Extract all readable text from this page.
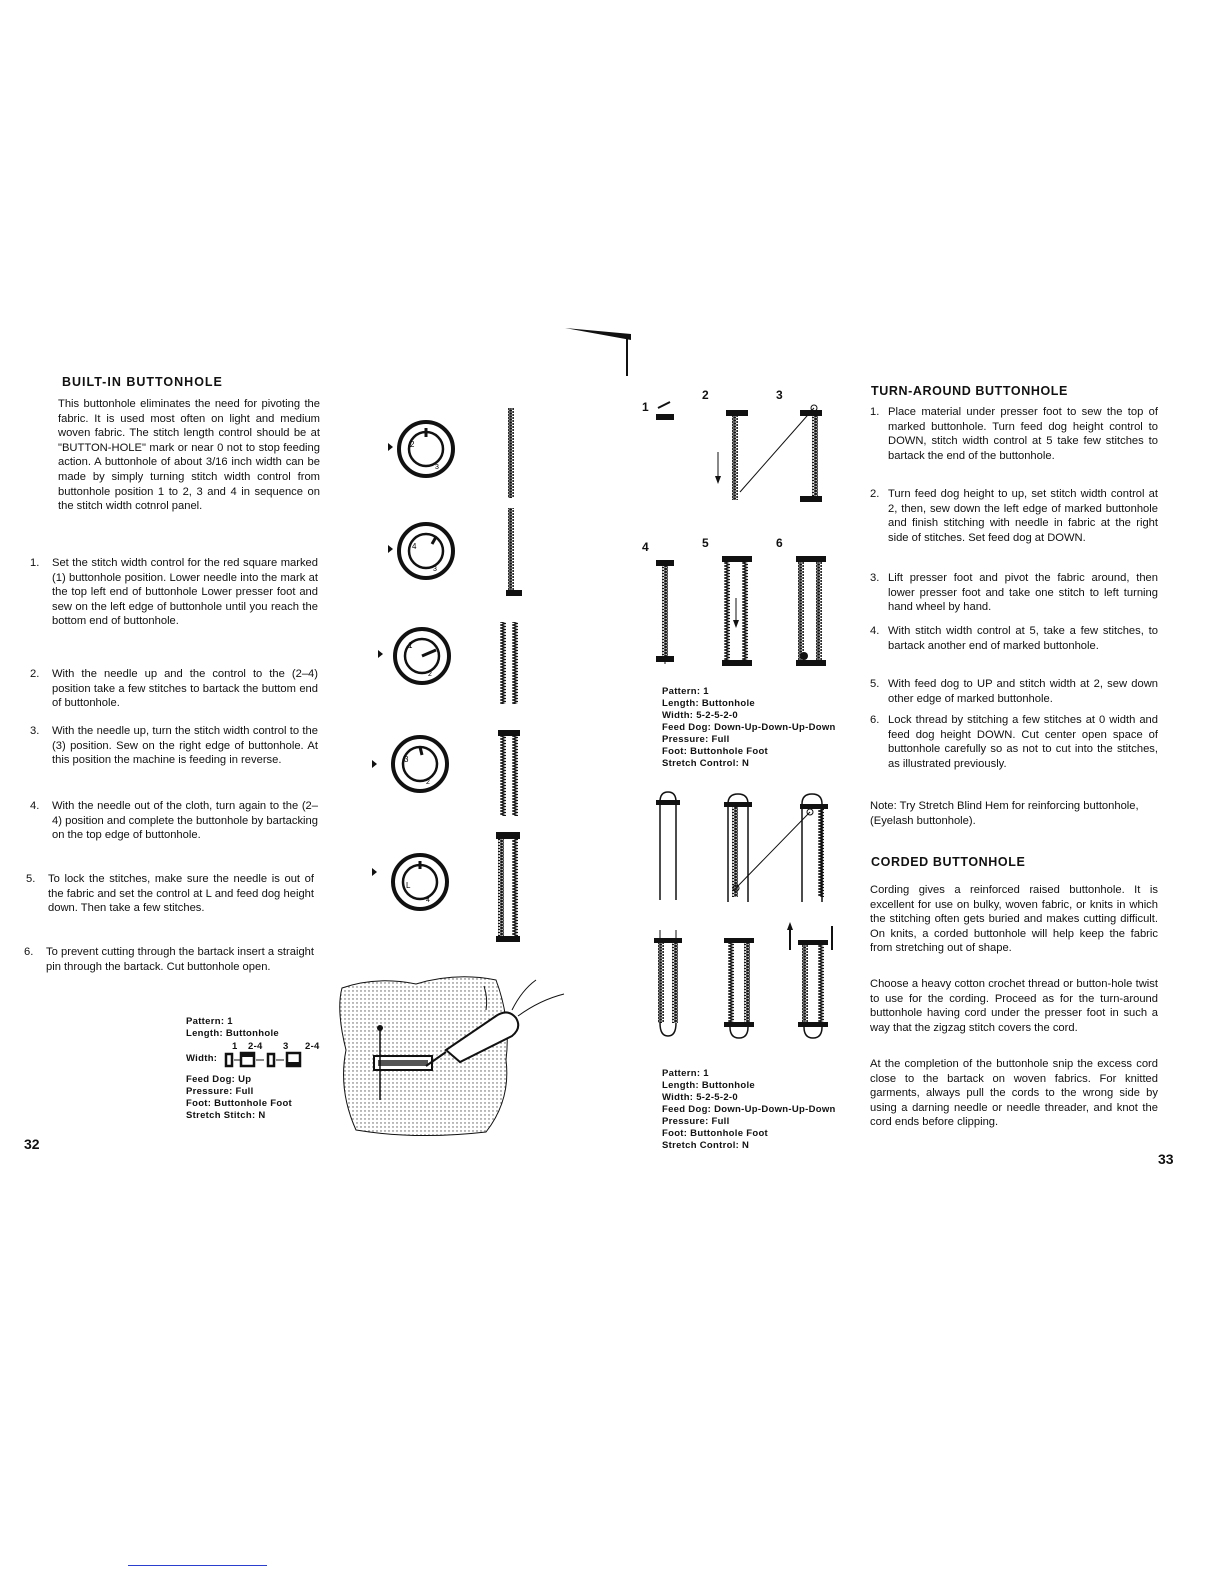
BUILT-IN BUTTONHOLE
This buttonhole eliminates the need for pivoting the fabric. It is used most often on light and medium woven fabric. The stitch length control should be at "BUTTON-HOLE" mark or near 0 not to stop feeding action. A buttonhole of about 3/16 inch width can be made by simply turning stitch width control from buttonhole position 1 to 2, 3 and 4 in sequence on the stitch width cotnrol panel.
1. Set the stitch width control for the red square marked (1) buttonhole position. Lower needle into the mark at the top left end of buttonhole Lower presser foot and sew on the left edge of buttonhole until you reach the bottom end of buttonhole.
2. With the needle up and the control to the (2–4) position take a few stitches to bartack the buttom end of buttonhole.
3. With the needle up, turn the stitch width control to the (3) position. Sew on the right edge of buttonhole. At this position the machine is feeding in reverse.
4. With the needle out of the cloth, turn again to the (2–4) position and complete the buttonhole by bartacking on the top edge of buttonhole.
5. To lock the stitches, make sure the needle is out of the fabric and set the control at L and feed dog height down. Then take a few stitches.
6. To prevent cutting through the bartack insert a straight pin through the bartack. Cut buttonhole open.
Pattern: 1
Length: Buttonhole
1 2-4 3 2-4
Width:
Feed Dog: Up
Pressure: Full
Foot: Buttonhole Foot
Stretch Stitch: N
32
2
3
4
3
1
2
3
2
L
4
1
2	3
4	5	6
Pattern: 1
Length: Buttonhole
Width: 5-2-5-2-0
Feed Dog: Down-Up-Down-Up-Down
Pressure: Full
Foot: Buttonhole Foot
Stretch Control: N
Pattern: 1
Length: Buttonhole
Width: 5-2-5-2-0
Feed Dog: Down-Up-Down-Up-Down
Pressure: Full
Foot: Buttonhole Foot
Stretch Control: N
TURN-AROUND BUTTONHOLE
1. Place material under presser foot to sew the top of marked buttonhole. Turn feed dog height control to DOWN, stitch width control at 5 take few stitches to bartack the end of the buttonhole.
2. Turn feed dog height to up, set stitch width control at 2, then, sew down the left edge of marked buttonhole and finish stitching with needle in fabric at the right side of stitches. Set feed dog at DOWN.
3. Lift presser foot and pivot the fabric around, then lower presser foot and take one stitch to left turning hand wheel by hand.
4. With stitch width control at 5, take a few stitches, to bartack another end of marked buttonhole.
5. With feed dog to UP and stitch width at 2, sew down other edge of marked buttonhole.
6. Lock thread by stitching a few stitches at 0 width and feed dog height DOWN. Cut center open space of buttonhole carefully so as not to cut into the stitches, as illustrated previously.
Note: Try Stretch Blind Hem for reinforcing buttonhole, (Eyelash buttonhole).
CORDED BUTTONHOLE
Cording gives a reinforced raised buttonhole. It is excellent for use on bulky, woven fabric, or knits in which the stitching often gets buried and makes cutting difficult. On knits, a corded buttonhole will help keep the fabric from stretching out of shape.
Choose a heavy cotton crochet thread or button-hole twist to use for the cording. Proceed as for the turn-around buttonhole having cord under the presser foot in such a way that the zigzag stitch covers the cord.
At the completion of the buttonhole snip the excess cord close to the bartack on woven fabrics. For knitted garments, always pull the cords to the wrong side by using a darning needle or needle threader, and knot the cord ends before clipping.
33
